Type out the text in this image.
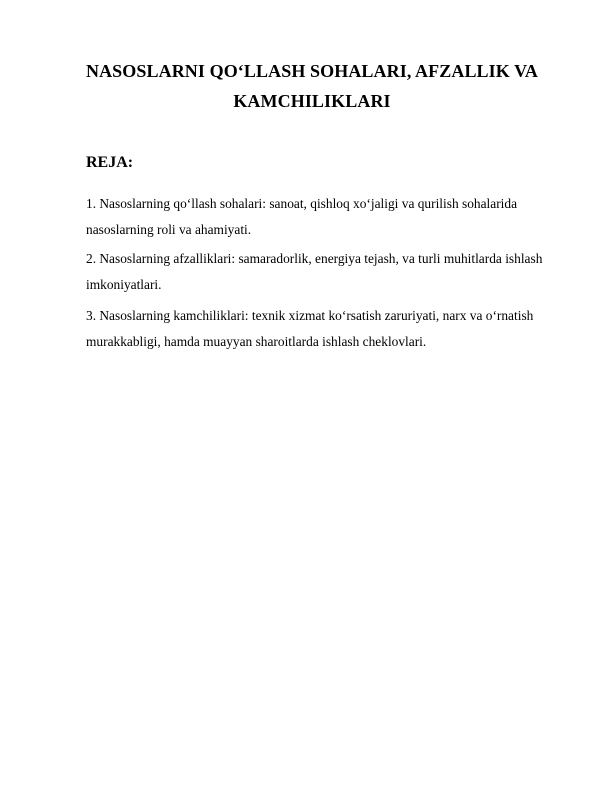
NASOSLARNI QO‘LLASH SOHALARI, AFZALLIK VA

KAMCHILIKLARI

REJA:

1. Nasoslarning qo‘llash sohalari: sanoat, qishloq xo‘jaligi va qurilish sohalarida nasoslarning roli va ahamiyati.

2. Nasoslarning afzalliklari: samaradorlik, energiya tejash, va turli muhitlarda ishlash imkoniyatlari.

3. Nasoslarning kamchiliklari: texnik xizmat ko‘rsatish zaruriyati, narx va o‘rnatish murakkabligi, hamda muayyan sharoitlarda ishlash cheklovlari.
